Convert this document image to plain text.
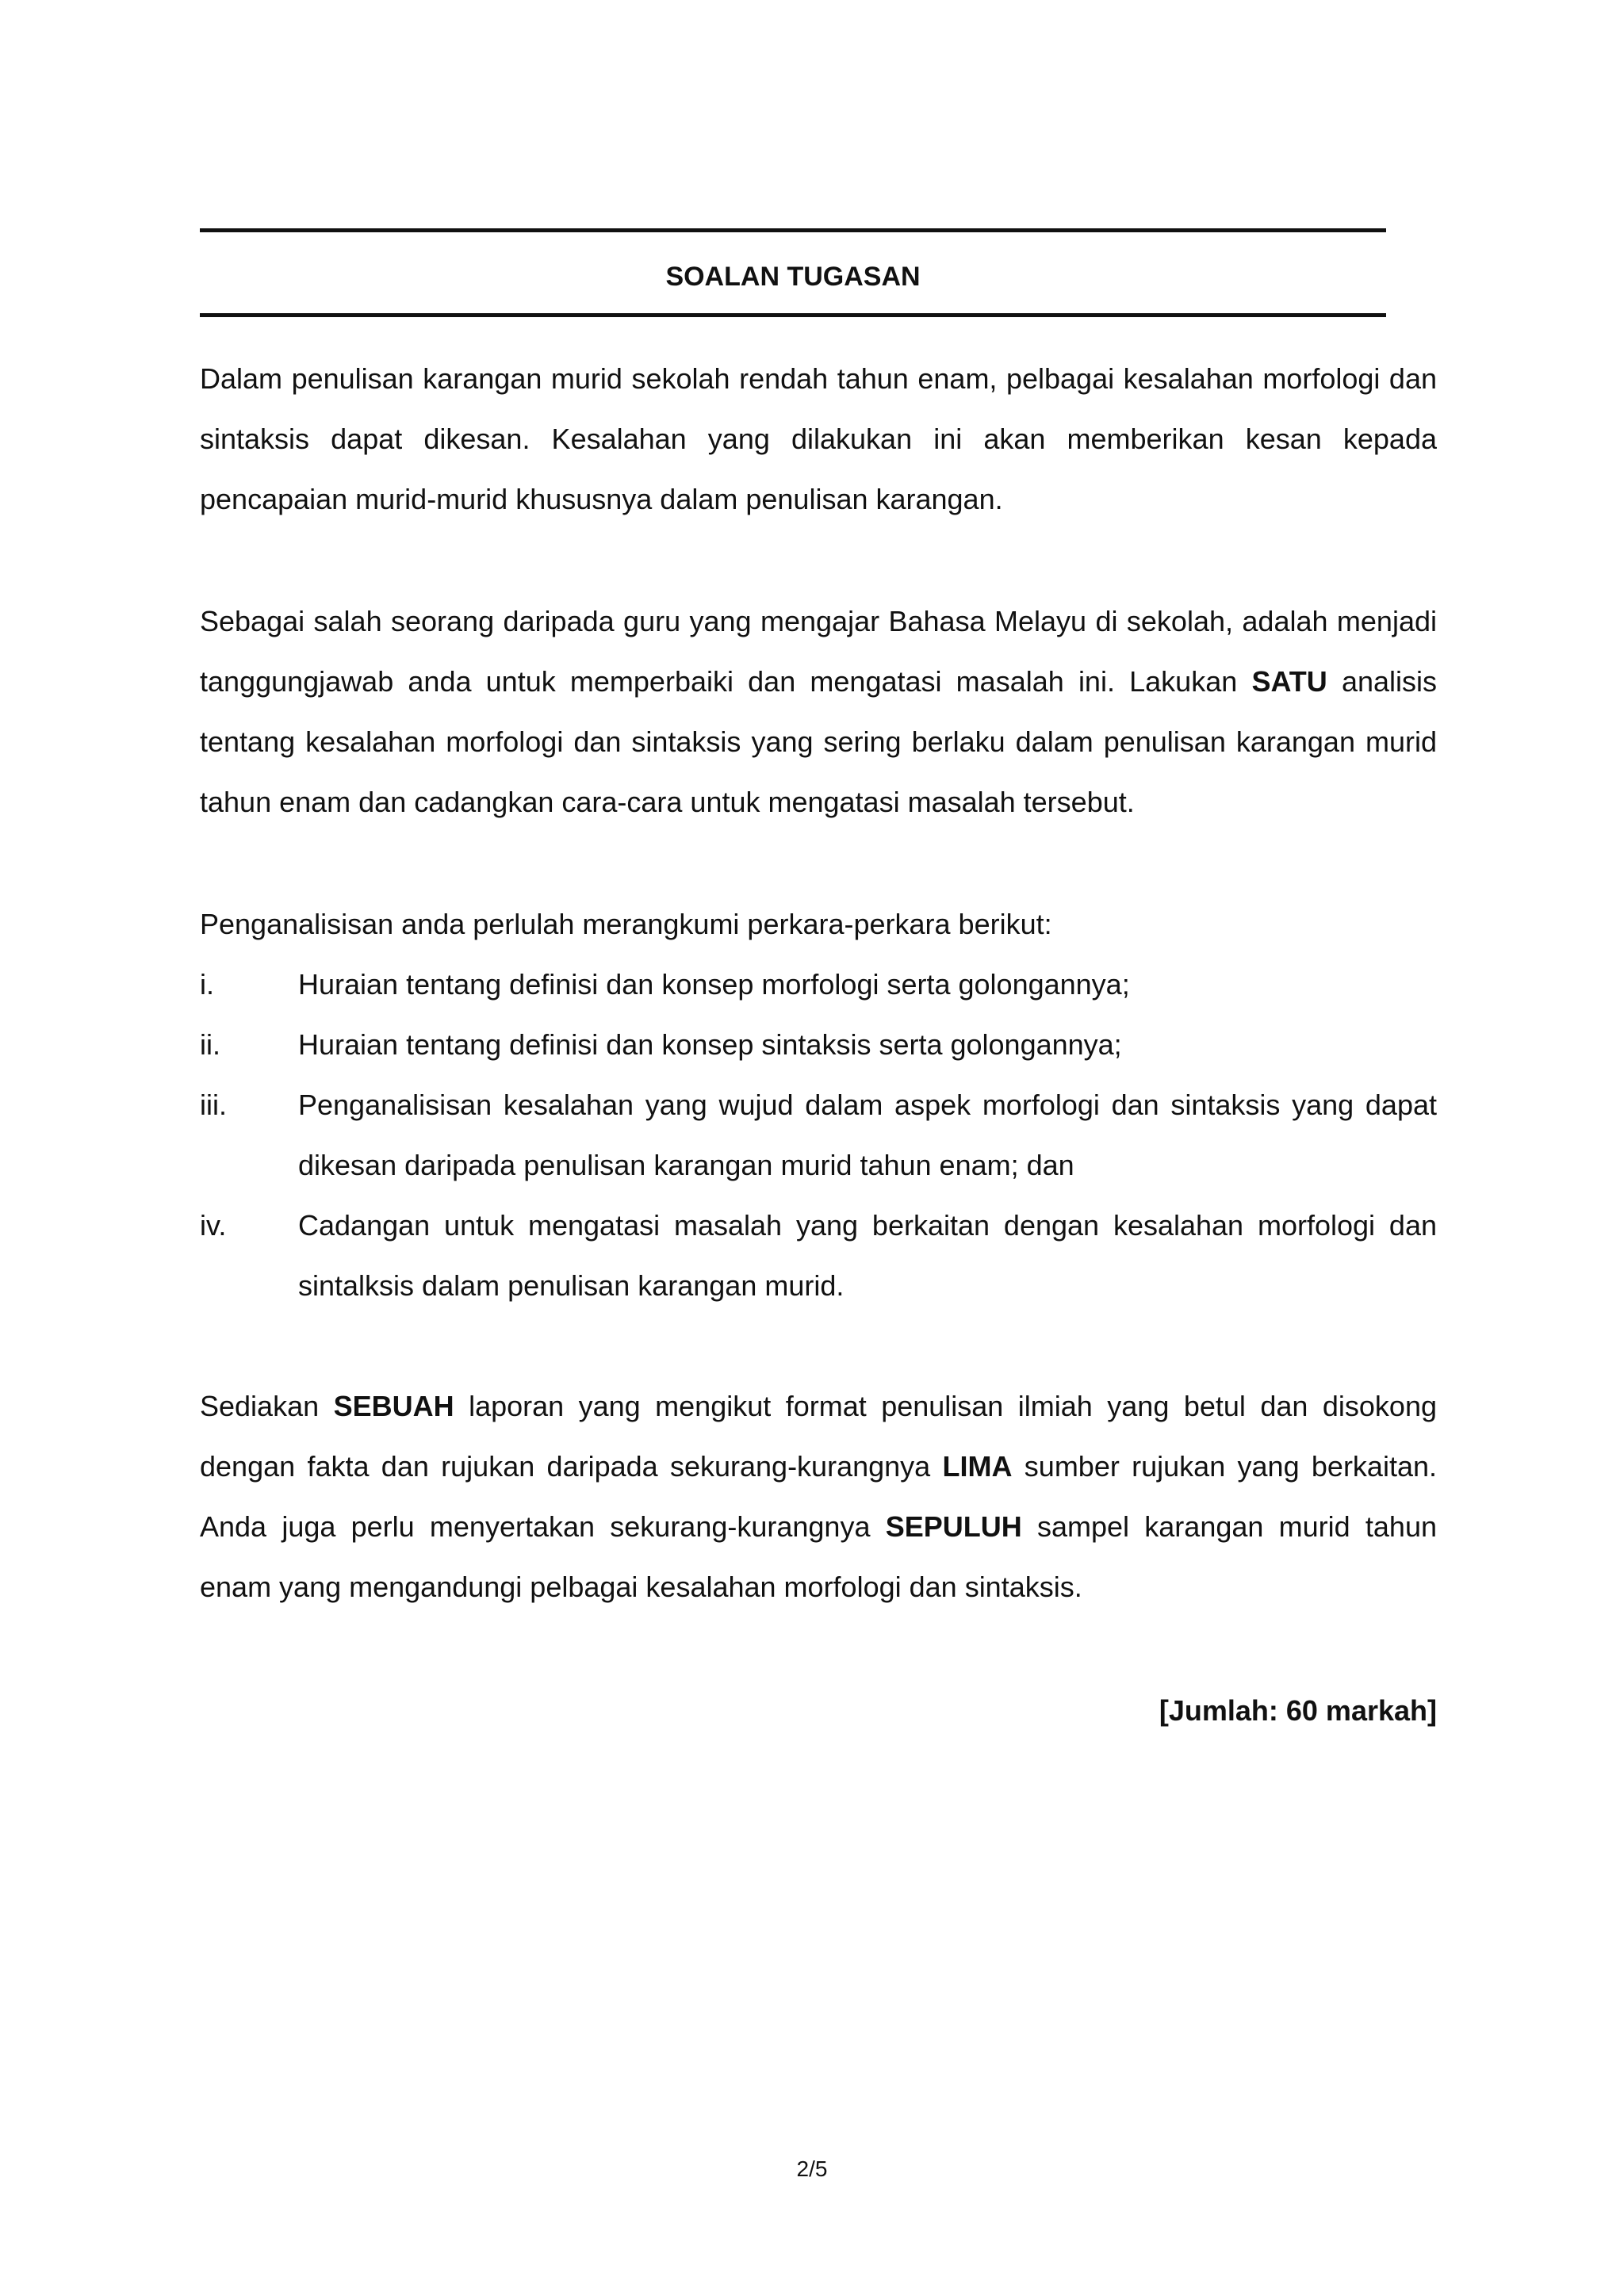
SOALAN TUGASAN
Dalam penulisan karangan murid sekolah rendah tahun enam, pelbagai kesalahan morfologi dan sintaksis dapat dikesan. Kesalahan yang dilakukan ini akan memberikan kesan kepada pencapaian murid-murid khususnya dalam penulisan karangan.
Sebagai salah seorang daripada guru yang mengajar Bahasa Melayu di sekolah, adalah menjadi tanggungjawab anda untuk memperbaiki dan mengatasi masalah ini. Lakukan SATU analisis tentang kesalahan morfologi dan sintaksis yang sering berlaku dalam penulisan karangan murid tahun enam dan cadangkan cara-cara untuk mengatasi masalah tersebut.
Penganalisisan anda perlulah merangkumi perkara-perkara berikut:
i.	Huraian tentang definisi dan konsep morfologi serta golongannya;
ii.	Huraian tentang definisi dan konsep sintaksis serta golongannya;
iii.	Penganalisisan kesalahan yang wujud dalam aspek morfologi dan sintaksis yang dapat dikesan daripada penulisan karangan murid tahun enam; dan
iv.	Cadangan untuk mengatasi masalah yang berkaitan dengan kesalahan morfologi dan sintalksis dalam penulisan karangan murid.
Sediakan SEBUAH laporan yang mengikut format penulisan ilmiah yang betul dan disokong dengan fakta dan rujukan daripada sekurang-kurangnya LIMA sumber rujukan yang berkaitan. Anda juga perlu menyertakan sekurang-kurangnya SEPULUH sampel karangan murid tahun enam yang mengandungi pelbagai kesalahan morfologi dan sintaksis.
[Jumlah: 60 markah]
2/5
